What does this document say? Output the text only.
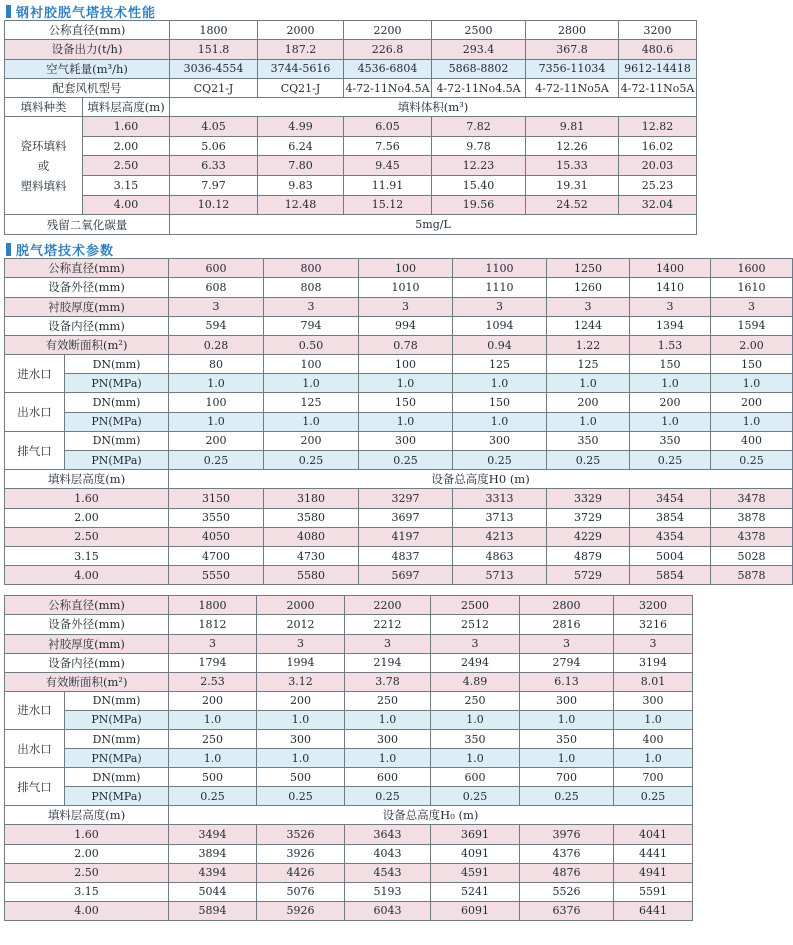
钢衬胶脱气塔技术性能
公称直径(mm)		1800	2000	2200	2500	2800	3200
设备出力(t/h)		151.8	187.2	226.8	293.4	367.8	480.6
空气耗量(m³/h)		3036-4554	3744-5616	4536-6804	5868-8802	7356-11034	9612-14418
配套风机型号		CQ21-J	CQ21-J	4-72-11No4.5A	4-72-11No4.5A	4-72-11No5A	4-72-11No5A
填料种类	填料层高度(m)	填料体积(m³)					

瓷环填料
或
塑料填料	1.60	4.05	4.99	6.05	7.82	9.81	12.82
	2.00	5.06	6.24	7.56	9.78	12.26	16.02
	2.50	6.33	7.80	9.45	12.23	15.33	20.03
	3.15	7.97	9.83	11.91	15.40	19.31	25.23
	4.00	10.12	12.48	15.12	19.56	24.52	32.04
残留二氧化碳量		5mg/L					
脱气塔技术参数
公称直径(mm)		600	800	100	1100	1250	1400	1600
设备外径(mm)		608	808	1010	1110	1260	1410	1610
衬胶厚度(mm)		3	3	3	3	3	3	3
设备内径(mm)		594	794	994	1094	1244	1394	1594
有效断面积(m²)		0.28	0.50	0.78	0.94	1.22	1.53	2.00
进水口	DN(mm)	80	100	100	125	125	150	150
	PN(MPa)	1.0	1.0	1.0	1.0	1.0	1.0	1.0
出水口	DN(mm)	100	125	150	150	200	200	200
	PN(MPa)	1.0	1.0	1.0	1.0	1.0	1.0	1.0
排气口	DN(mm)	200	200	300	300	350	350	400
	PN(MPa)	0.25	0.25	0.25	0.25	0.25	0.25	0.25
填料层高度(m)		设备总高度H0 (m)						
1.60		3150	3180	3297	3313	3329	3454	3478
2.00		3550	3580	3697	3713	3729	3854	3878
2.50		4050	4080	4197	4213	4229	4354	4378
3.15		4700	4730	4837	4863	4879	5004	5028
4.00		5550	5580	5697	5713	5729	5854	5878
公称直径(mm)		1800	2000	2200	2500	2800	3200
设备外径(mm)		1812	2012	2212	2512	2816	3216
衬胶厚度(mm)		3	3	3	3	3	3
设备内径(mm)		1794	1994	2194	2494	2794	3194
有效断面积(m²)		2.53	3.12	3.78	4.89	6.13	8.01
进水口	DN(mm)	200	200	250	250	300	300
	PN(MPa)	1.0	1.0	1.0	1.0	1.0	1.0
出水口	DN(mm)	250	300	300	350	350	400
	PN(MPa)	1.0	1.0	1.0	1.0	1.0	1.0
排气口	DN(mm)	500	500	600	600	700	700
	PN(MPa)	0.25	0.25	0.25	0.25	0.25	0.25
填料层高度(m)		设备总高度H₀ (m)					
1.60		3494	3526	3643	3691	3976	4041
2.00		3894	3926	4043	4091	4376	4441
2.50		4394	4426	4543	4591	4876	4941
3.15		5044	5076	5193	5241	5526	5591
4.00		5894	5926	6043	6091	6376	6441
